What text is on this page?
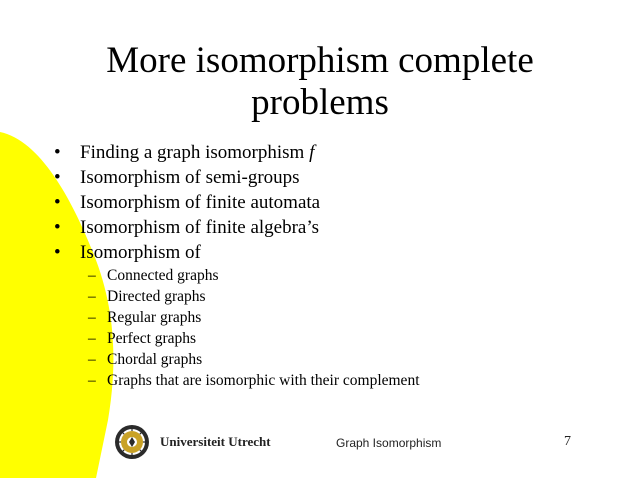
More isomorphism complete problems
• Finding a graph isomorphism f
• Isomorphism of semi-groups
• Isomorphism of finite automata
• Isomorphism of finite algebra’s
• Isomorphism of
– Connected graphs
– Directed graphs
– Regular graphs
– Perfect graphs
– Chordal graphs
– Graphs that are isomorphic with their complement
Universiteit Utrecht	Graph Isomorphism	7
